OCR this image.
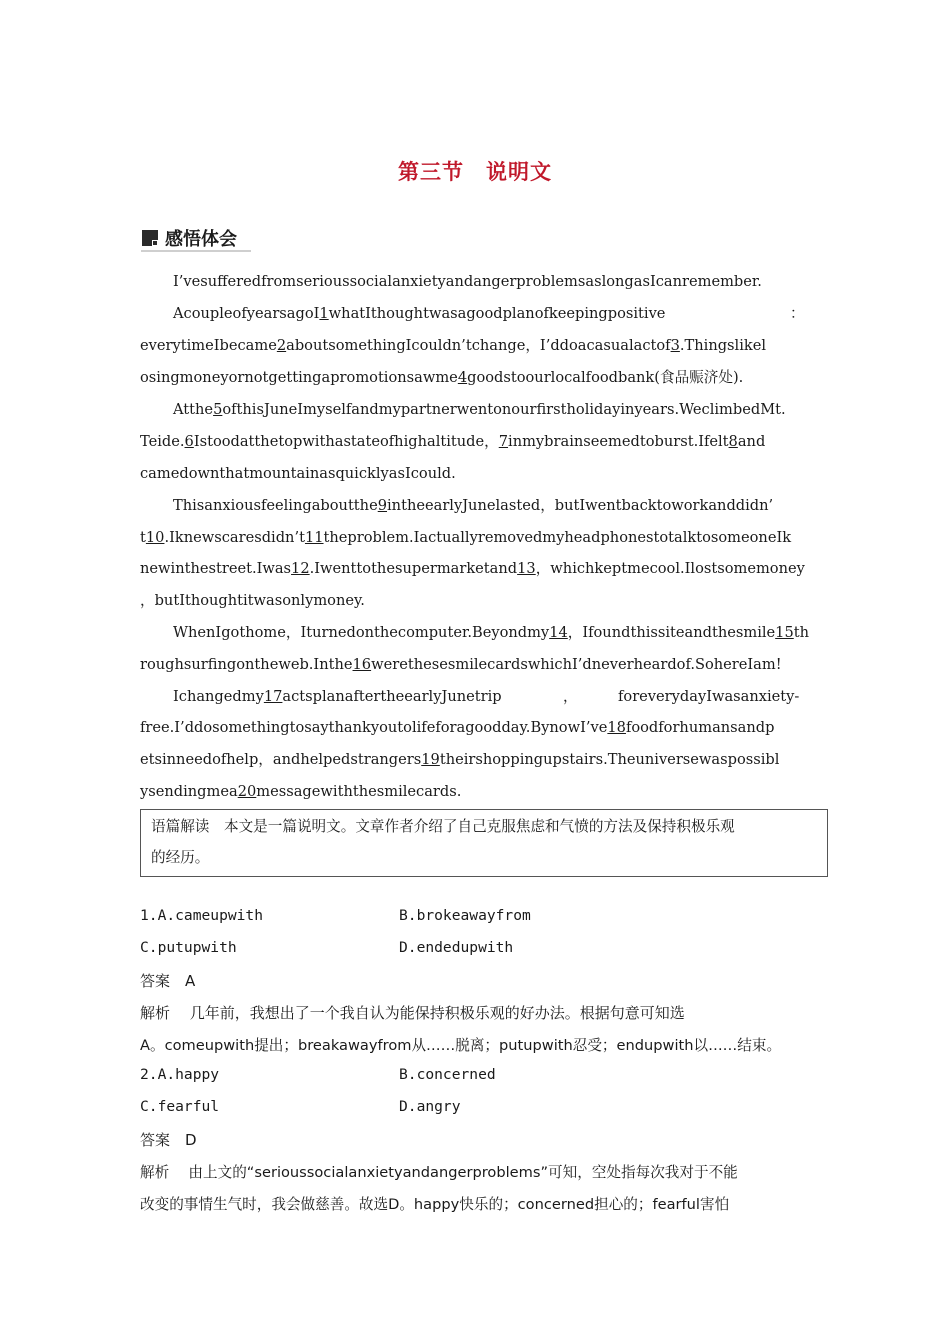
第三节　说明文
感悟体会
I’vesufferedfromserioussocialanxietyandangerproblemsaslongasIcanremember.
AcoupleofyearsagoI1whatIthoughtwasagoodplanofkeepingpositive	：
everytimeIbecame2aboutsomethingIcouldn’tchange，I’ddoacasualactof3.Thingslikel
osingmoneyornotgettingapromotionsawme4goodstoourlocalfoodbank(食品赈济处).
Atthe5ofthisJuneImyselfandmypartnerwentonourfirstholidayinyears.WeclimbedMt.
Teide.6Istoodatthetopwithastateofhighaltitude，7inmybrainseemedtoburst.Ifelt8and
camedownthatmountainasquicklyasIcould.
Thisanxiousfeelingaboutthe9intheearlyJunelasted，butIwentbacktoworkanddidn’
t10.Iknewscaresdidn’t11theproblem.IactuallyremovedmyheadphonestotalktosomeoneIk
newinthestreet.Iwas12.Iwenttothesupermarketand13，whichkeptmecool.Ilostsomemoney
，butIthoughtitwasonlymoney.
WhenIgothome，Iturnedonthecomputer.Beyondmy14，Ifoundthissiteandthesmile15th
roughsurfingontheweb.Inthe16werethesesmilecardswhichI’dneverheardof.SohereIam!
Ichangedmy17actsplanaftertheearlyJunetrip	，	foreverydayIwasanxiety-
free.I’ddosomethingtosaythankyoutolifeforagoodday.BynowI’ve18foodforhumansandp
etsinneedofhelp，andhelpedstrangers19theirshoppingupstairs.Theuniversewaspossibl
ysendingmea20messagewiththesmilecards.
语篇解读　本文是一篇说明文。文章作者介绍了自己克服焦虑和气愤的方法及保持积极乐观
的经历。
1.A.cameupwith	B.brokeawayfrom
C.putupwith	D.endedupwith
答案　A
解析　 几年前，我想出了一个我自认为能保持积极乐观的好办法。根据句意可知选
A。comeupwith提出；breakawayfrom从……脱离；putupwith忍受；endupwith以……结束。
2.A.happy	B.concerned
C.fearful	D.angry
答案　D
解析　 由上文的“serioussocialanxietyandangerproblems”可知，空处指每次我对于不能
改变的事情生气时，我会做慈善。故选D。happy快乐的；concerned担心的；fearful害怕
